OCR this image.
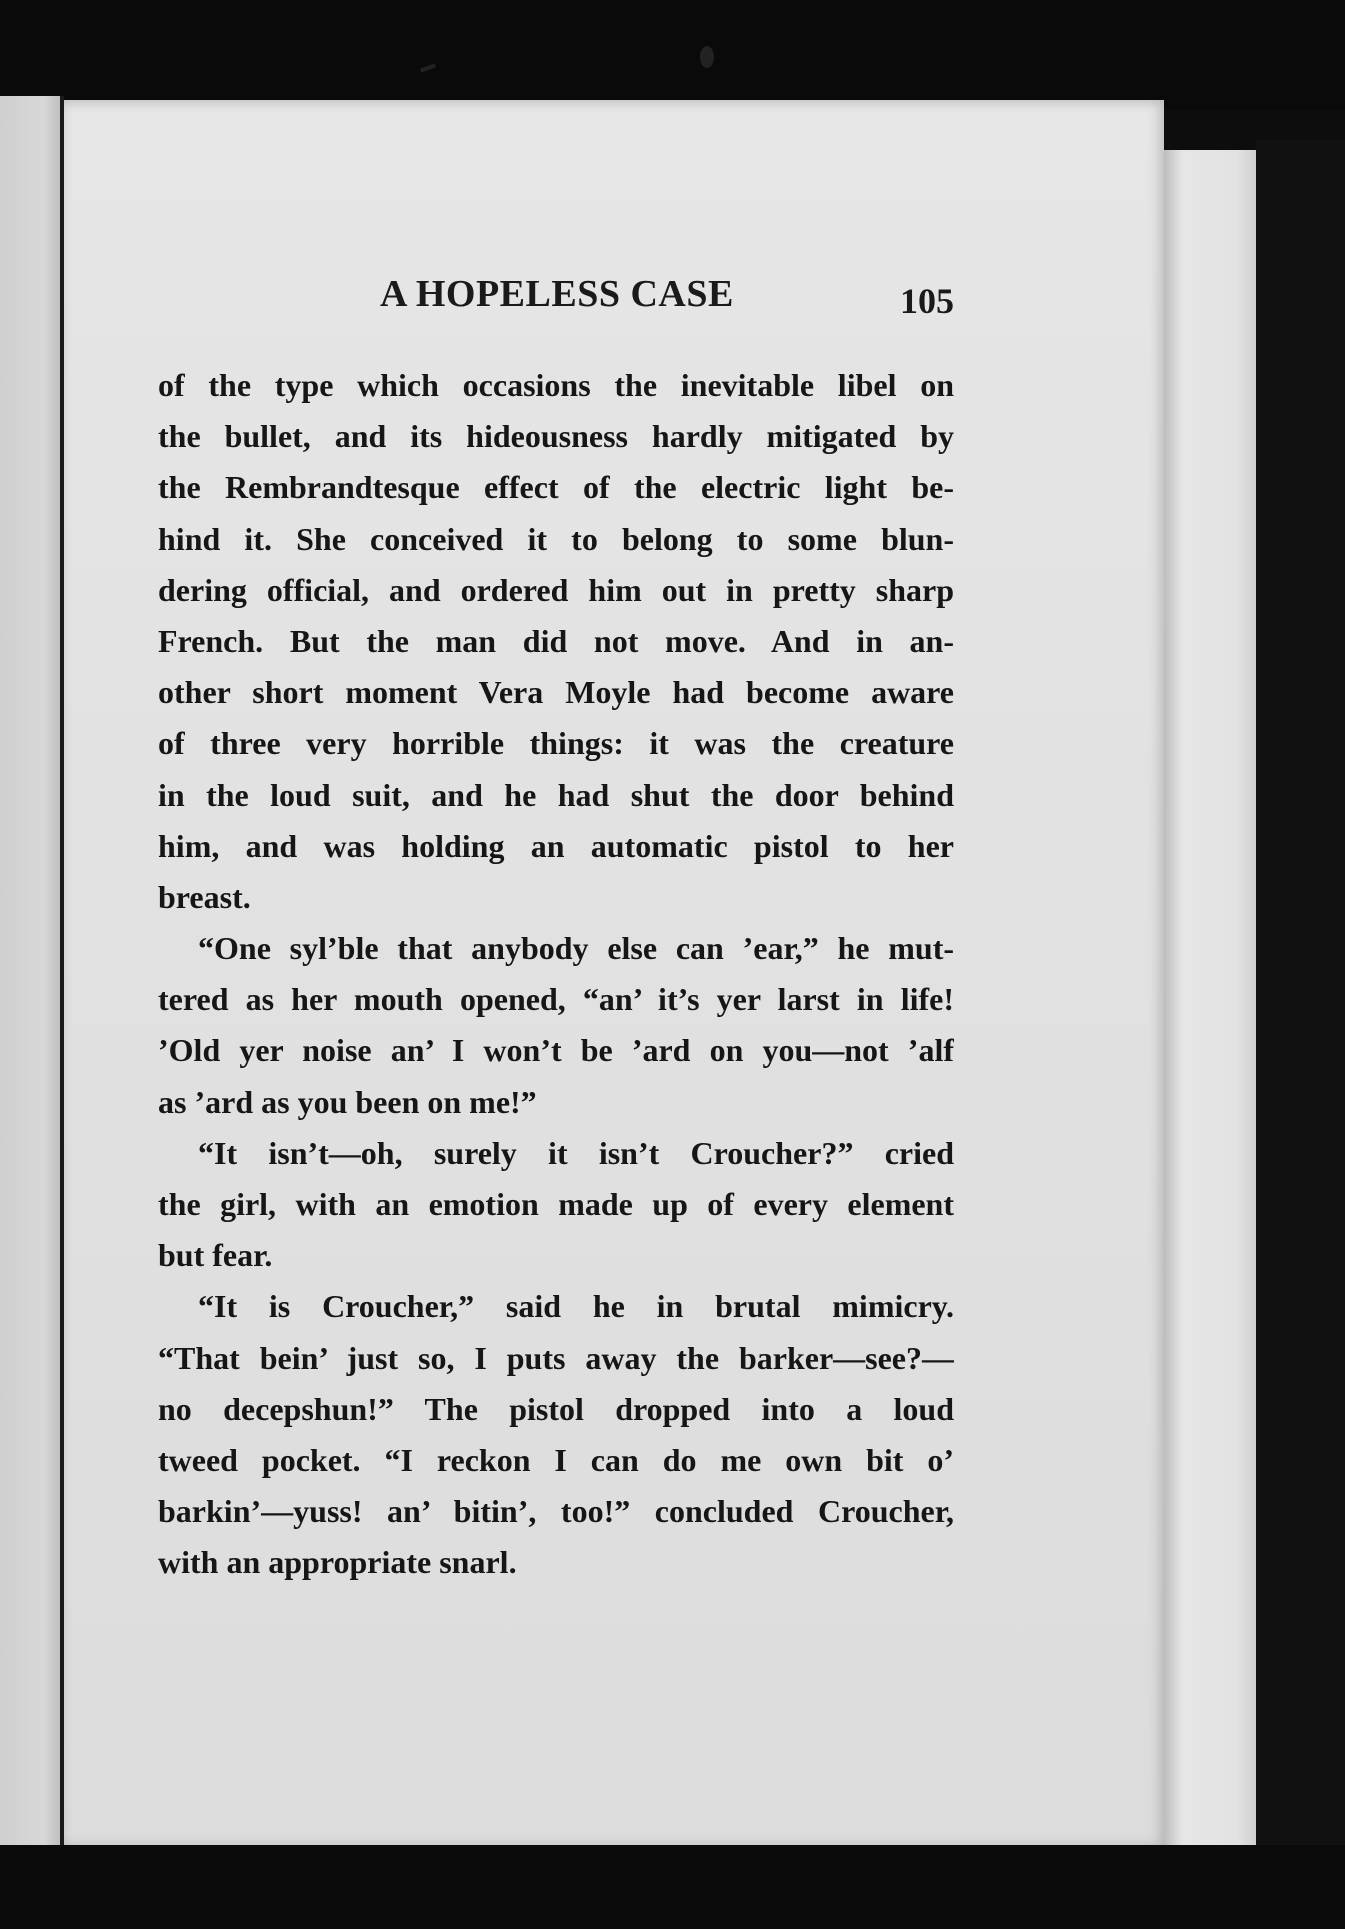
A HOPELESS CASE	105
of the type which occasions the inevitable libel on
the bullet, and its hideousness hardly mitigated by
the Rembrandtesque effect of the electric light be-
hind it. She conceived it to belong to some blun-
dering official, and ordered him out in pretty sharp
French. But the man did not move. And in an-
other short moment Vera Moyle had become aware
of three very horrible things: it was the creature
in the loud suit, and he had shut the door behind
him, and was holding an automatic pistol to her
breast.
“One syl’ble that anybody else can ’ear,” he mut-
tered as her mouth opened, “an’ it’s yer larst in life!
’Old yer noise an’ I won’t be ’ard on you—not ’alf
as ’ard as you been on me!”
“It isn’t—oh, surely it isn’t Croucher?” cried
the girl, with an emotion made up of every element
but fear.
“It is Croucher,” said he in brutal mimicry.
“That bein’ just so, I puts away the barker—see?—
no decepshun!” The pistol dropped into a loud
tweed pocket. “I reckon I can do me own bit o’
barkin’—yuss! an’ bitin’, too!” concluded Croucher,
with an appropriate snarl.
